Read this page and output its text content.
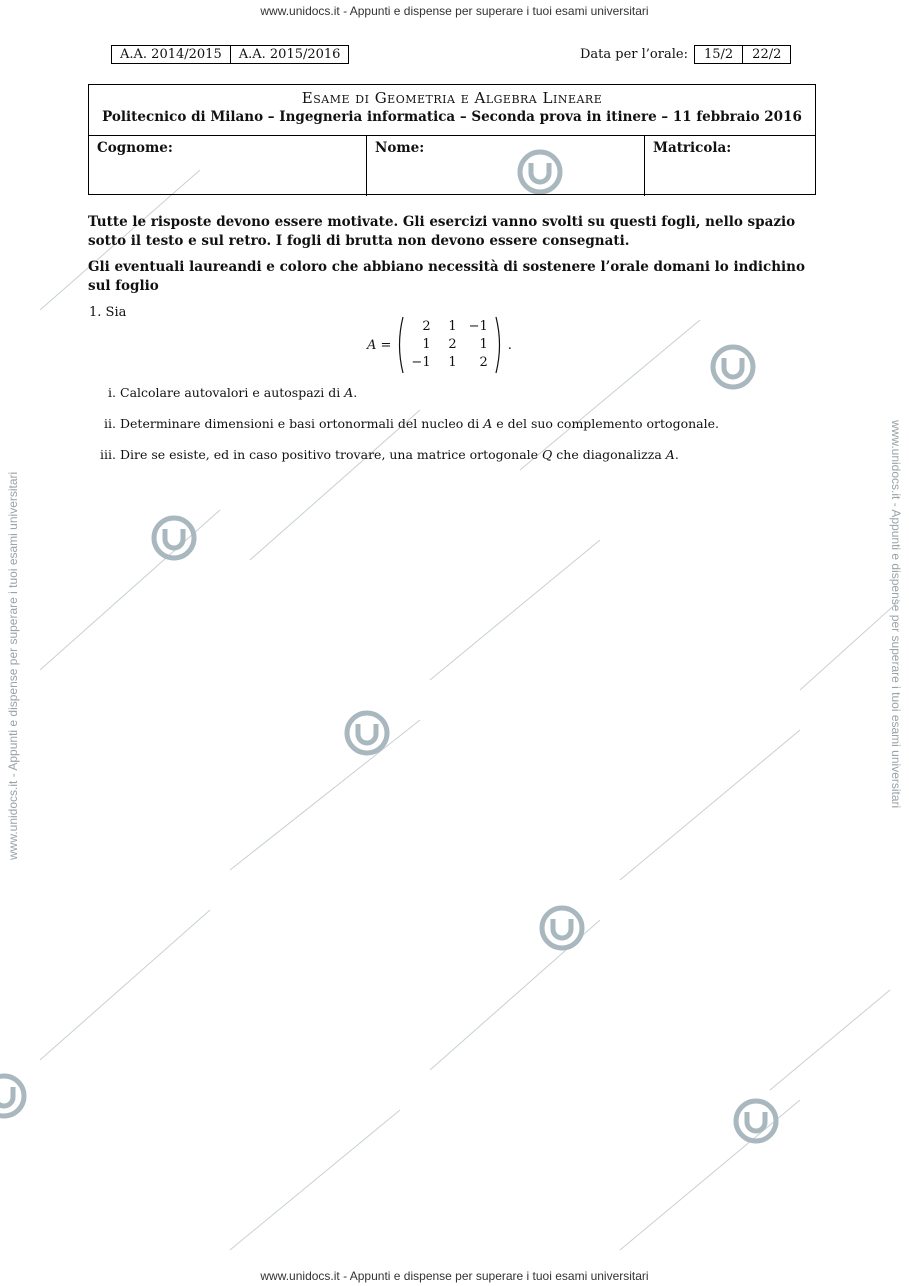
www.unidocs.it - Appunti e dispense per superare i tuoi esami universitari
www.unidocs.it - Appunti e dispense per superare i tuoi esami universitari
www.unidocs.it - Appunti e dispense per superare i tuoi esami universitari	www.unidocs.it - Appunti e dispense per superare i tuoi esami universitari
A.A. 2014/2015	A.A. 2015/2016	Data per l’orale:	15/2	22/2
Esame di Geometria e Algebra Lineare
Politecnico di Milano – Ingegneria informatica – Seconda prova in itinere – 11 febbraio 2016
Cognome:	Nome:	Matricola:
Tutte le risposte devono essere motivate. Gli esercizi vanno svolti su questi fogli, nello spazio sotto il testo e sul retro. I fogli di brutta non devono essere consegnati.
Gli eventuali laureandi e coloro che abbiano necessità di sostenere l’orale domani lo indichino sul foglio
1. Sia
A =
2	1	−1
1	2	1
−1	1	2
.
i. Calcolare autovalori e autospazi di A.
ii. Determinare dimensioni e basi ortonormali del nucleo di A e del suo complemento ortogonale.
iii. Dire se esiste, ed in caso positivo trovare, una matrice ortogonale Q che diagonalizza A.
